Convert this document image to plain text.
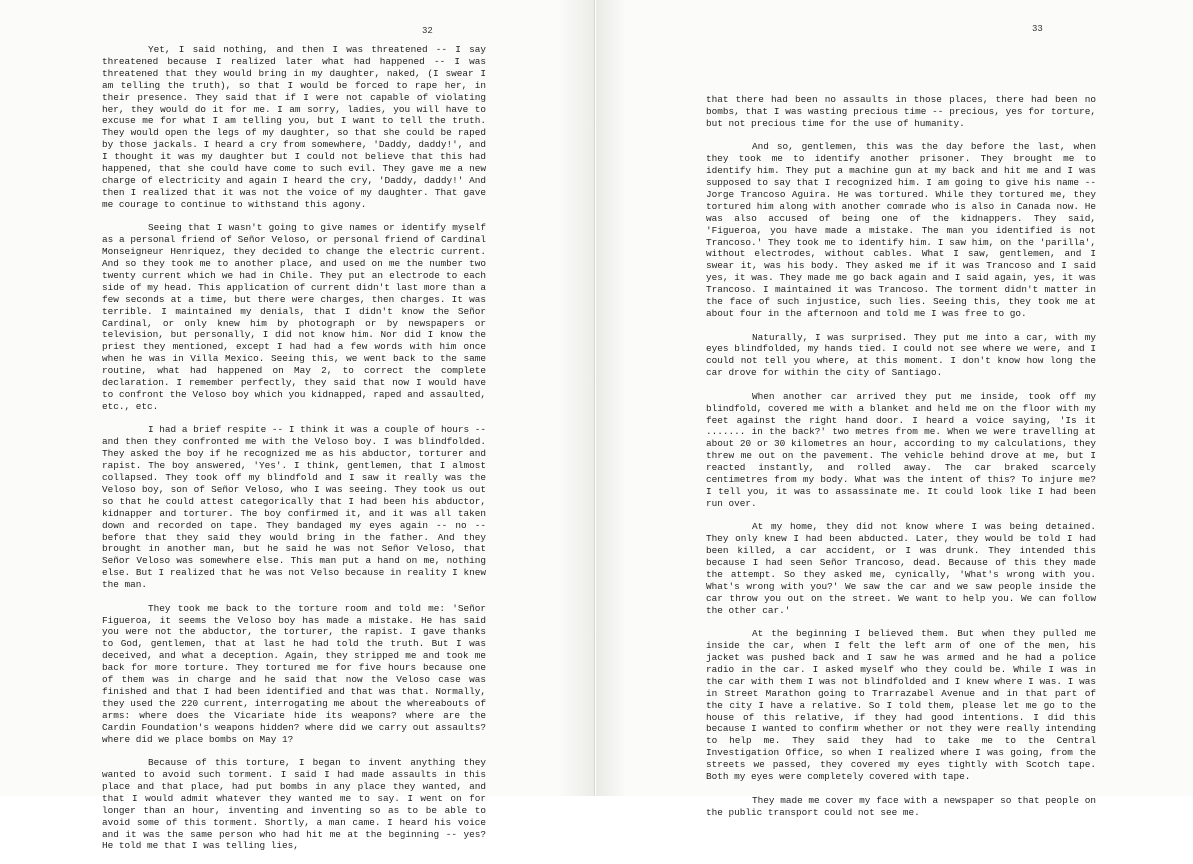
32

Yet, I said nothing, and then I was threatened -- I say threatened because I realized later what had happened -- I was threatened that they would bring in my daughter, naked, (I swear I am telling the truth), so that I would be forced to rape her, in their presence. They said that if I were not capable of violating her, they would do it for me. I am sorry, ladies, you will have to excuse me for what I am telling you, but I want to tell the truth. They would open the legs of my daughter, so that she could be raped by those jackals. I heard a cry from somewhere, 'Daddy, daddy!', and I thought it was my daughter but I could not believe that this had happened, that she could have come to such evil. They gave me a new charge of electricity and again I heard the cry, 'Daddy, daddy!' And then I realized that it was not the voice of my daughter. That gave me courage to continue to withstand this agony.

Seeing that I wasn't going to give names or identify myself as a personal friend of Señor Veloso, or personal friend of Cardinal Monseigneur Henriquez, they decided to change the electric current. And so they took me to another place, and used on me the number two twenty current which we had in Chile. They put an electrode to each side of my head. This application of current didn't last more than a few seconds at a time, but there were charges, then charges. It was terrible. I maintained my denials, that I didn't know the Señor Cardinal, or only knew him by photograph or by newspapers or television, but personally, I did not know him. Nor did I know the priest they mentioned, except I had had a few words with him once when he was in Villa Mexico. Seeing this, we went back to the same routine, what had happened on May 2, to correct the complete declaration. I remember perfectly, they said that now I would have to confront the Veloso boy which you kidnapped, raped and assaulted, etc., etc.

I had a brief respite -- I think it was a couple of hours -- and then they confronted me with the Veloso boy. I was blindfolded. They asked the boy if he recognized me as his abductor, torturer and rapist. The boy answered, 'Yes'. I think, gentlemen, that I almost collapsed. They took off my blindfold and I saw it really was the Veloso boy, son of Señor Veloso, who I was seeing. They took us out so that he could attest categorically that I had been his abductor, kidnapper and torturer. The boy confirmed it, and it was all taken down and recorded on tape. They bandaged my eyes again -- no -- before that they said they would bring in the father. And they brought in another man, but he said he was not Señor Veloso, that Señor Veloso was somewhere else. This man put a hand on me, nothing else. But I realized that he was not Velso because in reality I knew the man.

They took me back to the torture room and told me: 'Señor Figueroa, it seems the Veloso boy has made a mistake. He has said you were not the abductor, the torturer, the rapist. I gave thanks to God, gentlemen, that at last he had told the truth. But I was deceived, and what a deception. Again, they stripped me and took me back for more torture. They tortured me for five hours because one of them was in charge and he said that now the Veloso case was finished and that I had been identified and that was that. Normally, they used the 220 current, interrogating me about the whereabouts of arms: where does the Vicariate hide its weapons? where are the Cardin Foundation's weapons hidden? where did we carry out assaults? where did we place bombs on May 1?

Because of this torture, I began to invent anything they wanted to avoid such torment. I said I had made assaults in this place and that place, had put bombs in any place they wanted, and that I would admit whatever they wanted me to say. I went on for longer than an hour, inventing and inventing so as to be able to avoid some of this torment. Shortly, a man came. I heard his voice and it was the same person who had hit me at the beginning -- yes? He told me that I was telling lies,

33

that there had been no assaults in those places, there had been no bombs, that I was wasting precious time -- precious, yes for torture, but not precious time for the use of humanity.

And so, gentlemen, this was the day before the last, when they took me to identify another prisoner. They brought me to identify him. They put a machine gun at my back and hit me and I was supposed to say that I recognized him. I am going to give his name -- Jorge Trancoso Aguira. He was tortured. While they tortured me, they tortured him along with another comrade who is also in Canada now. He was also accused of being one of the kidnappers. They said, 'Figueroa, you have made a mistake. The man you identified is not Trancoso.' They took me to identify him. I saw him, on the 'parilla', without electrodes, without cables. What I saw, gentlemen, and I swear it, was his body. They asked me if it was Trancoso and I said yes, it was. They made me go back again and I said again, yes, it was Trancoso. I maintained it was Trancoso. The torment didn't matter in the face of such injustice, such lies. Seeing this, they took me at about four in the afternoon and told me I was free to go.

Naturally, I was surprised. They put me into a car, with my eyes blindfolded, my hands tied. I could not see where we were, and I could not tell you where, at this moment. I don't know how long the car drove for within the city of Santiago.

When another car arrived they put me inside, took off my blindfold, covered me with a blanket and held me on the floor with my feet against the right hand door. I heard a voice saying, 'Is it ....... in the back?' two metres from me. When we were travelling at about 20 or 30 kilometres an hour, according to my calculations, they threw me out on the pavement. The vehicle behind drove at me, but I reacted instantly, and rolled away. The car braked scarcely centimetres from my body. What was the intent of this? To injure me? I tell you, it was to assassinate me. It could look like I had been run over.

At my home, they did not know where I was being detained. They only knew I had been abducted. Later, they would be told I had been killed, a car accident, or I was drunk. They intended this because I had seen Señor Trancoso, dead. Because of this they made the attempt. So they asked me, cynically, 'What's wrong with you. What's wrong with you?' We saw the car and we saw people inside the car throw you out on the street. We want to help you. We can follow the other car.'

At the beginning I believed them. But when they pulled me inside the car, when I felt the left arm of one of the men, his jacket was pushed back and I saw he was armed and he had a police radio in the car. I asked myself who they could be. While I was in the car with them I was not blindfolded and I knew where I was. I was in Street Marathon going to Trarrazabel Avenue and in that part of the city I have a relative. So I told them, please let me go to the house of this relative, if they had good intentions. I did this because I wanted to confirm whether or not they were really intending to help me. They said they had to take me to the Central Investigation Office, so when I realized where I was going, from the streets we passed, they covered my eyes tightly with Scotch tape. Both my eyes were completely covered with tape.

They made me cover my face with a newspaper so that people on the public transport could not see me.
